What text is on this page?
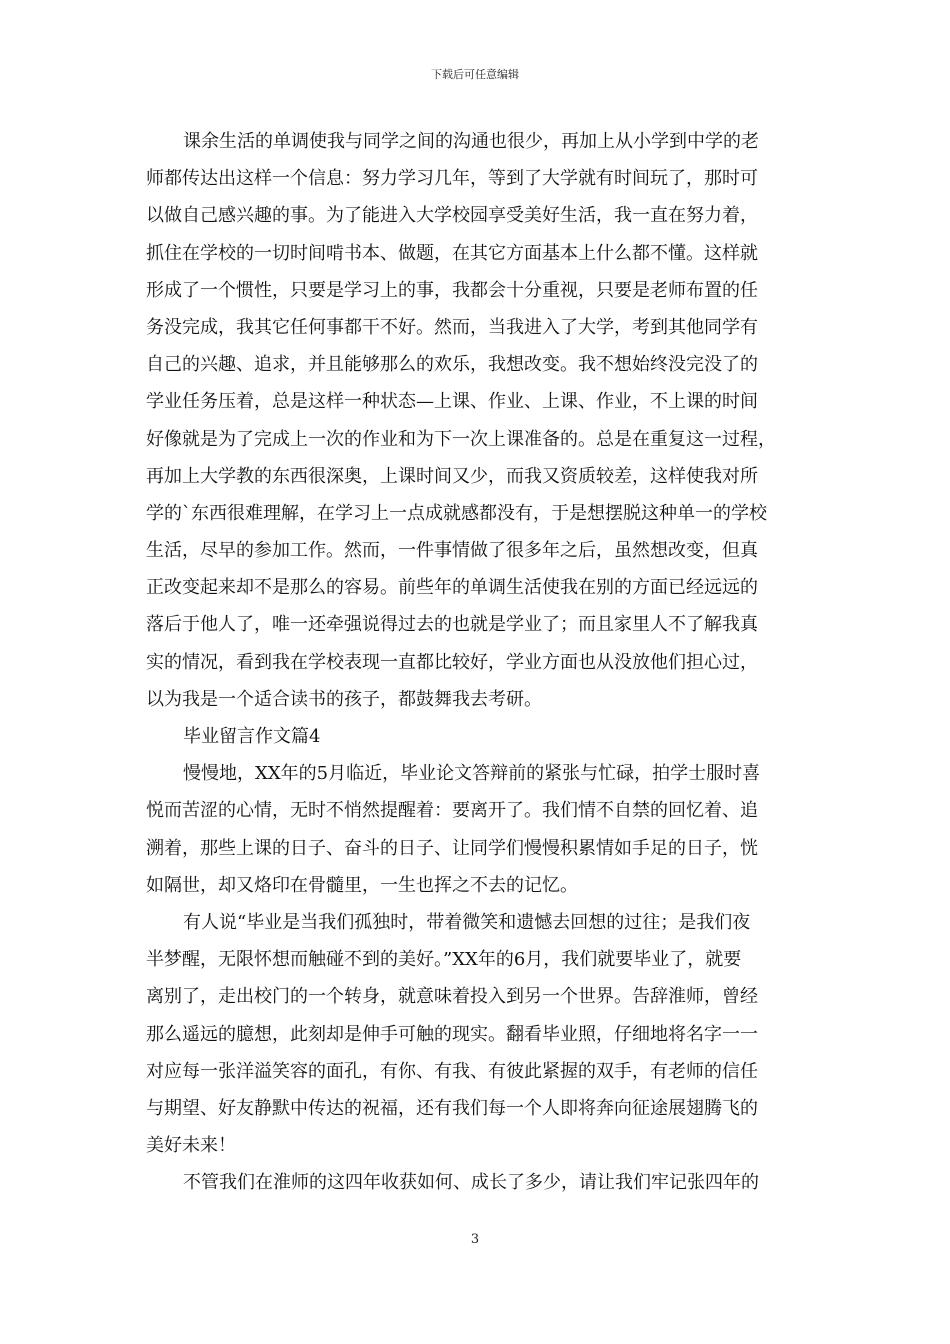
下载后可任意编辑
课余生活的单调使我与同学之间的沟通也很少，再加上从小学到中学的老
师都传达出这样一个信息：努力学习几年，等到了大学就有时间玩了，那时可
以做自己感兴趣的事。为了能进入大学校园享受美好生活，我一直在努力着，
抓住在学校的一切时间啃书本、做题，在其它方面基本上什么都不懂。这样就
形成了一个惯性，只要是学习上的事，我都会十分重视，只要是老师布置的任
务没完成，我其它任何事都干不好。然而，当我进入了大学，考到其他同学有
自己的兴趣、追求，并且能够那么的欢乐，我想改变。我不想始终没完没了的
学业任务压着，总是这样一种状态—上课、作业、上课、作业，不上课的时间
好像就是为了完成上一次的作业和为下一次上课准备的。总是在重复这一过程，
再加上大学教的东西很深奥，上课时间又少，而我又资质较差，这样使我对所
学的`东西很难理解，在学习上一点成就感都没有，于是想摆脱这种单一的学校
生活，尽早的参加工作。然而，一件事情做了很多年之后，虽然想改变，但真
正改变起来却不是那么的容易。前些年的单调生活使我在别的方面已经远远的
落后于他人了，唯一还牵强说得过去的也就是学业了；而且家里人不了解我真
实的情况，看到我在学校表现一直都比较好，学业方面也从没放他们担心过，
以为我是一个适合读书的孩子，都鼓舞我去考研。
毕业留言作文篇4
慢慢地，XX年的5月临近，毕业论文答辩前的紧张与忙碌，拍学士服时喜
悦而苦涩的心情，无时不悄然提醒着：要离开了。我们情不自禁的回忆着、追
溯着，那些上课的日子、奋斗的日子、让同学们慢慢积累情如手足的日子，恍
如隔世，却又烙印在骨髓里，一生也挥之不去的记忆。
有人说“毕业是当我们孤独时，带着微笑和遗憾去回想的过往；是我们夜
半梦醒，无限怀想而触碰不到的美好。”XX年的6月，我们就要毕业了，就要
离别了，走出校门的一个转身，就意味着投入到另一个世界。告辞淮师，曾经
那么遥远的臆想，此刻却是伸手可触的现实。翻看毕业照，仔细地将名字一一
对应每一张洋溢笑容的面孔，有你、有我、有彼此紧握的双手，有老师的信任
与期望、好友静默中传达的祝福，还有我们每一个人即将奔向征途展翅腾飞的
美好未来！
不管我们在淮师的这四年收获如何、成长了多少，请让我们牢记张四年的
3
